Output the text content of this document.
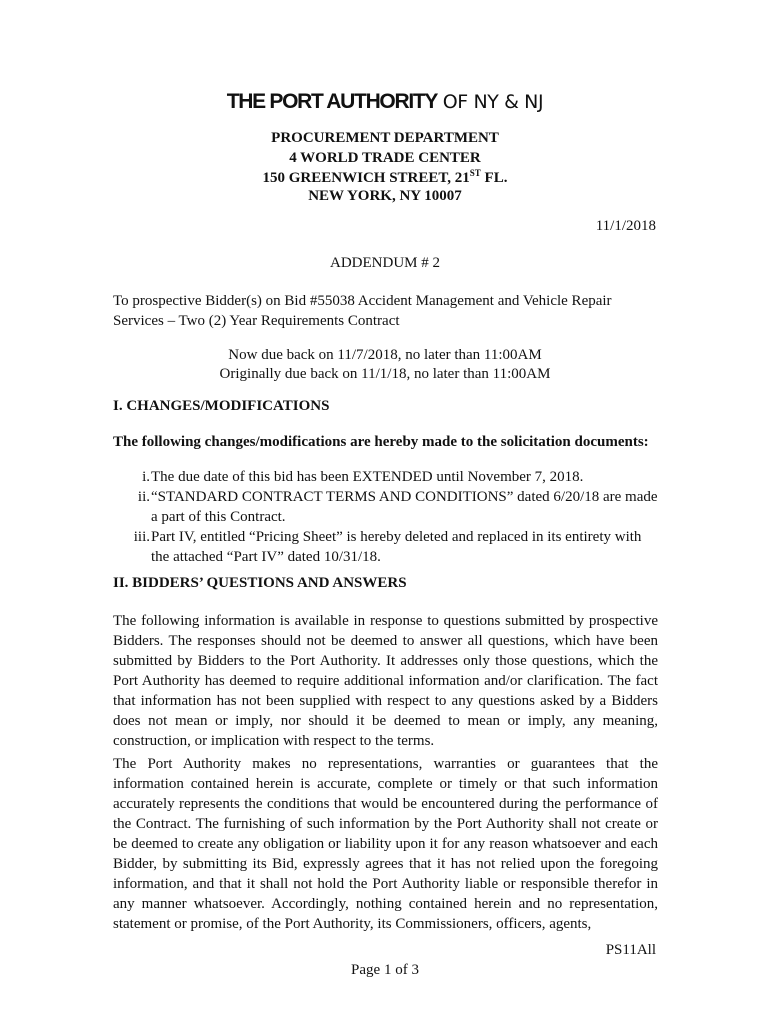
THE PORT AUTHORITY OF NY & NJ
PROCUREMENT DEPARTMENT
4 WORLD TRADE CENTER
150 GREENWICH STREET, 21ST FL.
NEW YORK, NY 10007
11/1/2018
ADDENDUM # 2
To prospective Bidder(s) on Bid #55038 Accident Management and Vehicle Repair Services – Two (2) Year Requirements Contract
Now due back on 11/7/2018, no later than 11:00AM
Originally due back on 11/1/18, no later than 11:00AM
I. CHANGES/MODIFICATIONS
The following changes/modifications are hereby made to the solicitation documents:
i. The due date of this bid has been EXTENDED until November 7, 2018.
ii. “STANDARD CONTRACT TERMS AND CONDITIONS” dated 6/20/18 are made a part of this Contract.
iii. Part IV, entitled “Pricing Sheet” is hereby deleted and replaced in its entirety with the attached “Part IV” dated 10/31/18.
II. BIDDERS’ QUESTIONS AND ANSWERS
The following information is available in response to questions submitted by prospective Bidders. The responses should not be deemed to answer all questions, which have been submitted by Bidders to the Port Authority. It addresses only those questions, which the Port Authority has deemed to require additional information and/or clarification. The fact that information has not been supplied with respect to any questions asked by a Bidders does not mean or imply, nor should it be deemed to mean or imply, any meaning, construction, or implication with respect to the terms.
The Port Authority makes no representations, warranties or guarantees that the information contained herein is accurate, complete or timely or that such information accurately represents the conditions that would be encountered during the performance of the Contract. The furnishing of such information by the Port Authority shall not create or be deemed to create any obligation or liability upon it for any reason whatsoever and each Bidder, by submitting its Bid, expressly agrees that it has not relied upon the foregoing information, and that it shall not hold the Port Authority liable or responsible therefor in any manner whatsoever. Accordingly, nothing contained herein and no representation, statement or promise, of the Port Authority, its Commissioners, officers, agents,
PS11All
Page 1 of 3
